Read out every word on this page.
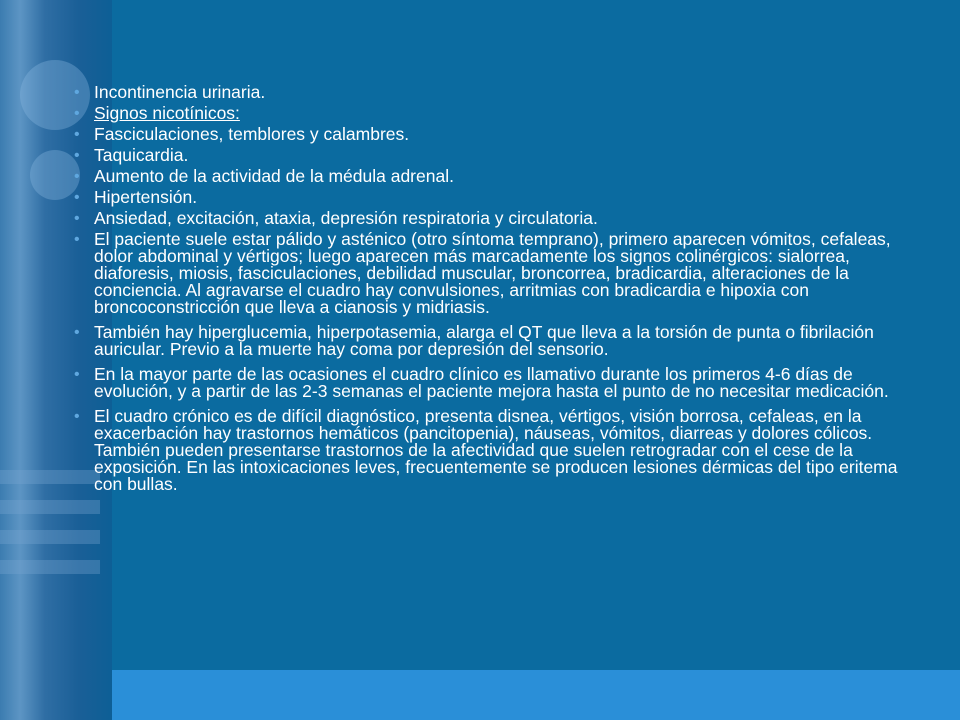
• Incontinencia urinaria.
• Signos nicotínicos:
• Fasciculaciones, temblores y calambres.
• Taquicardia.
• Aumento de la actividad de la médula adrenal.
• Hipertensión.
• Ansiedad, excitación, ataxia, depresión respiratoria y circulatoria.
• El paciente suele estar pálido y asténico (otro síntoma temprano), primero aparecen vómitos, cefaleas, dolor abdominal y vértigos; luego aparecen más marcadamente los signos colinérgicos: sialorrea, diaforesis, miosis, fasciculaciones, debilidad muscular, broncorrea, bradicardia, alteraciones de la conciencia. Al agravarse el cuadro hay convulsiones, arritmias con bradicardia e hipoxia con broncoconstricción que lleva a cianosis y midriasis.
• También hay hiperglucemia, hiperpotasemia, alarga el QT que lleva a la torsión de punta o fibrilación auricular. Previo a la muerte hay coma por depresión del sensorio.
• En la mayor parte de las ocasiones el cuadro clínico es llamativo durante los primeros 4-6 días de evolución, y a partir de las 2-3 semanas el paciente mejora hasta el punto de no necesitar medicación.
• El cuadro crónico es de difícil diagnóstico, presenta disnea, vértigos, visión borrosa, cefaleas, en la exacerbación hay trastornos hemáticos (pancitopenia), náuseas, vómitos, diarreas y dolores cólicos. También pueden presentarse trastornos de la afectividad que suelen retrogradar con el cese de la exposición. En las intoxicaciones leves, frecuentemente se producen lesiones dérmicas del tipo eritema con bullas.
